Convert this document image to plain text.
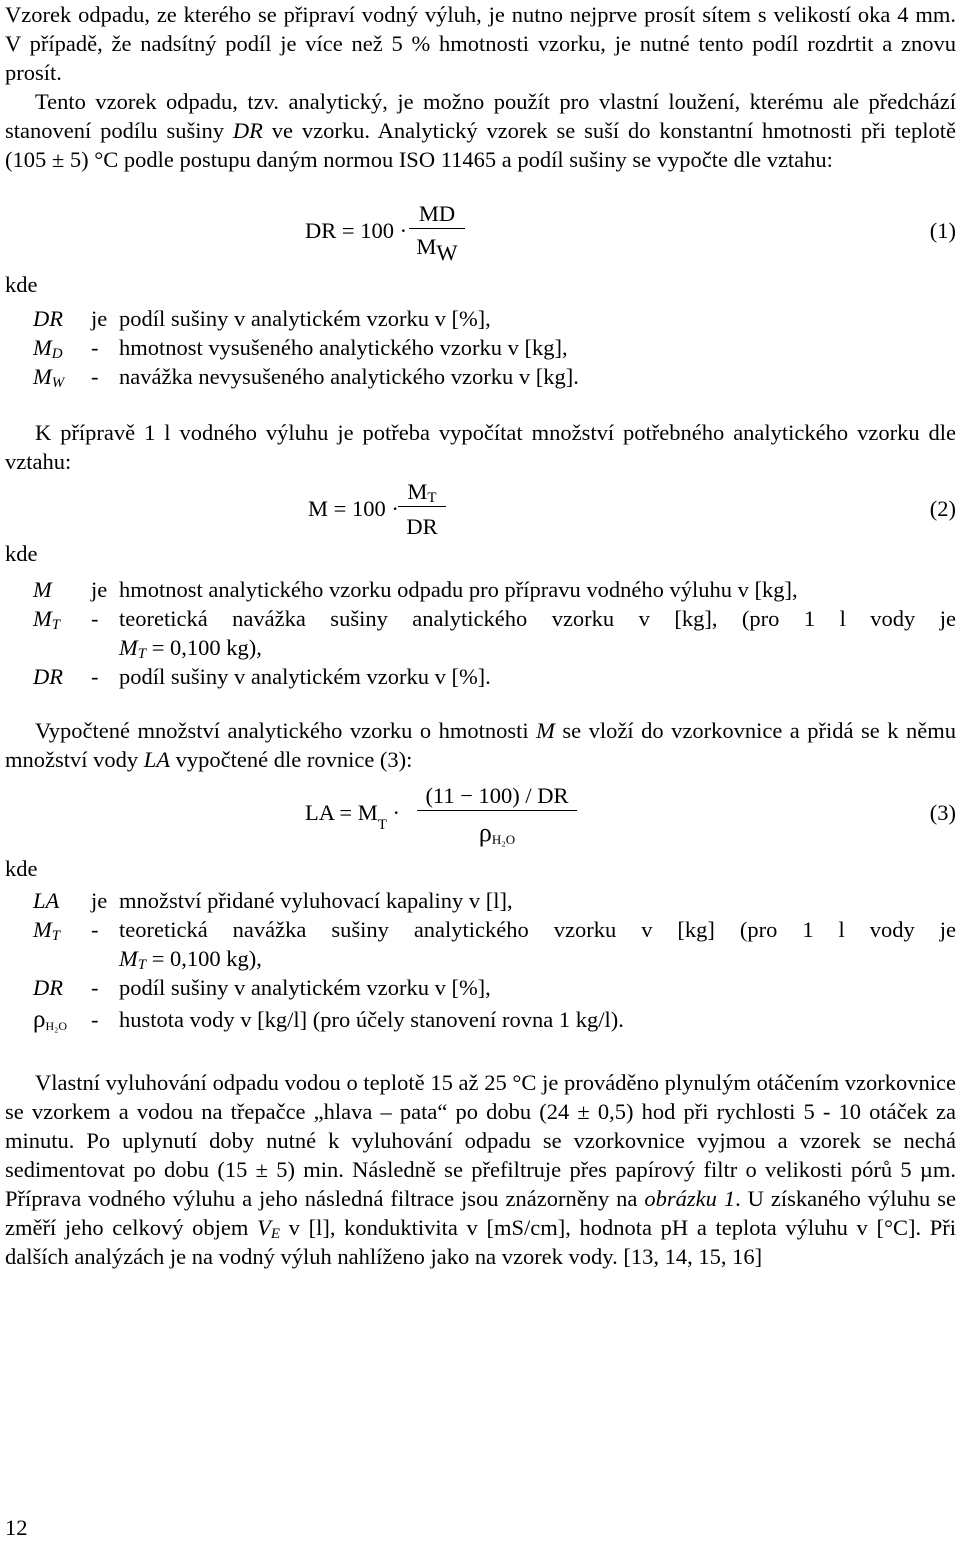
Vzorek odpadu, ze kterého se připraví vodný výluh, je nutno nejprve prosít sítem s velikostí oka 4 mm. V případě, že nadsítný podíl je více než 5 % hmotnosti vzorku, je nutné tento podíl rozdrtit a znovu prosít.

Tento vzorek odpadu, tzv. analytický, je možno použít pro vlastní loužení, kterému ale předchází stanovení podílu sušiny DR ve vzorku. Analytický vzorek se suší do konstantní hmotnosti při teplotě (105 ± 5) °C podle postupu daným normou ISO 11465 a podíl sušiny se vypočte dle vztahu:

DR = 100 ·
MD
MW
(1)
kde
DR	je podíl sušiny v analytickém vzorku v [%],
$M_D$	- hmotnost vysušeného analytického vzorku v [kg],
$M_W$	- navážka nevysušeného analytického vzorku v [kg].

K přípravě 1 l vodného výluhu je potřeba vypočítat množství potřebného analytického vzorku dle vztahu:

M = 100 ·
$M_T$
DR
(2)
kde
M	je hmotnost analytického vzorku odpadu pro přípravu vodného výluhu v [kg],
$M_T$	- teoretická navážka sušiny analytického vzorku v [kg], (pro 1 l vody je
$M_T = 0,100$ kg),
DR	- podíl sušiny v analytickém vzorku v [%].

Vypočtené množství analytického vzorku o hmotnosti M se vloží do vzorkovnice a přidá se k němu množství vody LA vypočtené dle rovnice (3):

LA = $M_T$ ·
(11 − 100) / DR
$\rho_{H_2O}$
(3)
kde
LA	je množství přidané vyluhovací kapaliny v [l],
$M_T$	- teoretická navážka sušiny analytického vzorku v [kg] (pro 1 l vody je
$M_T = 0,100$ kg),
DR	- podíl sušiny v analytickém vzorku v [%],
$\rho_{H_2O}$	- hustota vody v [kg/l] (pro účely stanovení rovna 1 kg/l).

Vlastní vyluhování odpadu vodou o teplotě 15 až 25 °C je prováděno plynulým otáčením vzorkovnice se vzorkem a vodou na třepačce „hlava – pata“ po dobu (24 ± 0,5) hod při rychlosti 5 - 10 otáček za minutu. Po uplynutí doby nutné k vyluhování odpadu se vzorkovnice vyjmou a vzorek se nechá sedimentovat po dobu (15 ± 5) min. Následně se přefiltruje přes papírový filtr o velikosti pórů 5 µm. Příprava vodného výluhu a jeho následná filtrace jsou znázorněny na obrázku 1. U získaného výluhu se změří jeho celkový objem $V_E$ v [l], konduktivita v [mS/cm], hodnota pH a teplota výluhu v [°C]. Při dalších analýzách je na vodný výluh nahlíženo jako na vzorek vody. [13, 14, 15, 16]

12
